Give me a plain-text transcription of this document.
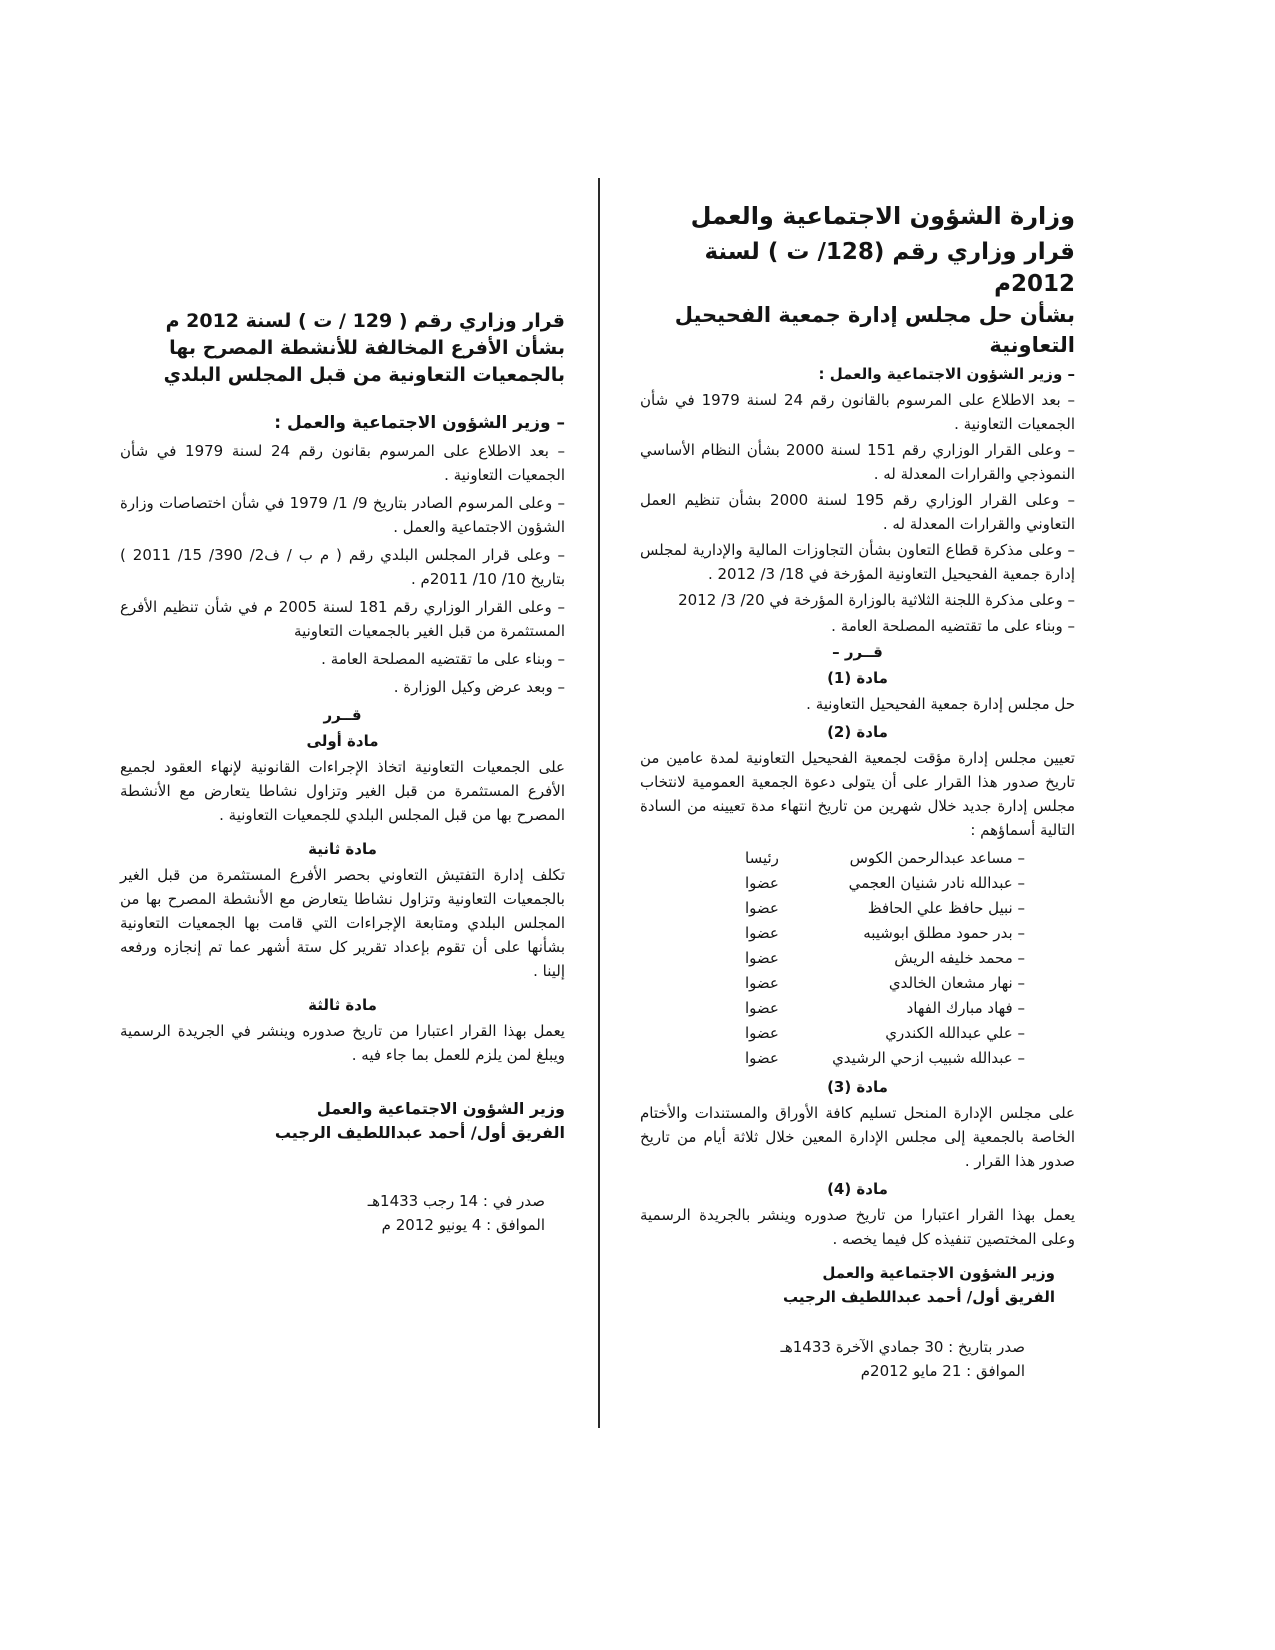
وزارة الشؤون الاجتماعية والعمل
قرار وزاري رقم (128/ ت ) لسنة 2012م
بشأن حل مجلس إدارة جمعية الفحيحيل التعاونية
– وزير الشؤون الاجتماعية والعمل :

– بعد الاطلاع على المرسوم بالقانون رقم 24 لسنة 1979 في شأن الجمعيات التعاونية .

– وعلى القرار الوزاري رقم 151 لسنة 2000 بشأن النظام الأساسي النموذجي والقرارات المعدلة له .

– وعلى القرار الوزاري رقم 195 لسنة 2000 بشأن تنظيم العمل التعاوني والقرارات المعدلة له .

– وعلى مذكرة قطاع التعاون بشأن التجاوزات المالية والإدارية لمجلس إدارة جمعية الفحيحيل التعاونية المؤرخة في 18/ 3/ 2012 .

– وعلى مذكرة اللجنة الثلاثية بالوزارة المؤرخة في 20/ 3/ 2012

– وبناء على ما تقتضيه المصلحة العامة .

قــرر –
مادة (1)

حل مجلس إدارة جمعية الفحيحيل التعاونية .

مادة (2)

تعيين مجلس إدارة مؤقت لجمعية الفحيحيل التعاونية لمدة عامين من تاريخ صدور هذا القرار على أن يتولى دعوة الجمعية العمومية لانتخاب مجلس إدارة جديد خلال شهرين من تاريخ انتهاء مدة تعيينه من السادة التالية أسماؤهم :

– مساعد عبدالرحمن الكوس
رئيسا
– عبدالله نادر شنيان العجمي
عضوا
– نبيل حافظ علي الحافظ
عضوا
– بدر حمود مطلق ابوشيبه
عضوا
– محمد خليفه الريش
عضوا
– نهار مشعان الخالدي
عضوا
– فهاد مبارك الفهاد
عضوا
– علي عبدالله الكندري
عضوا
– عبدالله شبيب ازحي الرشيدي
عضوا
مادة (3)

على مجلس الإدارة المنحل تسليم كافة الأوراق والمستندات والأختام الخاصة بالجمعية إلى مجلس الإدارة المعين خلال ثلاثة أيام من تاريخ صدور هذا القرار .

مادة (4)

يعمل بهذا القرار اعتبارا من تاريخ صدوره وينشر بالجريدة الرسمية وعلى المختصين تنفيذه كل فيما يخصه .

وزير الشؤون الاجتماعية والعمل
الفريق أول/ أحمد عبداللطيف الرجيب
صدر بتاريخ : 30 جمادي الآخرة 1433هـ
الموافق : 21 مايو 2012م
قرار وزاري رقم ( 129 / ت ) لسنة 2012 م
بشأن الأفرع المخالفة للأنشطة المصرح بها
بالجمعيات التعاونية من قبل المجلس البلدي
– وزير الشؤون الاجتماعية والعمل :

– بعد الاطلاع على المرسوم بقانون رقم 24 لسنة 1979 في شأن الجمعيات التعاونية .

– وعلى المرسوم الصادر بتاريخ 9/ 1/ 1979 في شأن اختصاصات وزارة الشؤون الاجتماعية والعمل .

– وعلى قرار المجلس البلدي رقم ( م ب / ف2/ 390/ 15/ 2011 ) بتاريخ 10/ 10/ 2011م .

– وعلى القرار الوزاري رقم 181 لسنة 2005 م في شأن تنظيم الأفرع المستثمرة من قبل الغير بالجمعيات التعاونية

– وبناء على ما تقتضيه المصلحة العامة .

– وبعد عرض وكيل الوزارة .

قــرر
مادة أولى

على الجمعيات التعاونية اتخاذ الإجراءات القانونية لإنهاء العقود لجميع الأفرع المستثمرة من قبل الغير وتزاول نشاطا يتعارض مع الأنشطة المصرح بها من قبل المجلس البلدي للجمعيات التعاونية .

مادة ثانية

تكلف إدارة التفتيش التعاوني بحصر الأفرع المستثمرة من قبل الغير بالجمعيات التعاونية وتزاول نشاطا يتعارض مع الأنشطة المصرح بها من المجلس البلدي ومتابعة الإجراءات التي قامت بها الجمعيات التعاونية بشأنها على أن تقوم بإعداد تقرير كل ستة أشهر عما تم إنجازه ورفعه إلينا .

مادة ثالثة

يعمل بهذا القرار اعتبارا من تاريخ صدوره وينشر في الجريدة الرسمية ويبلغ لمن يلزم للعمل بما جاء فيه .

وزير الشؤون الاجتماعية والعمل
الفريق أول/ أحمد عبداللطيف الرجيب
صدر في : 14 رجب 1433هـ
الموافق : 4 يونيو 2012 م
